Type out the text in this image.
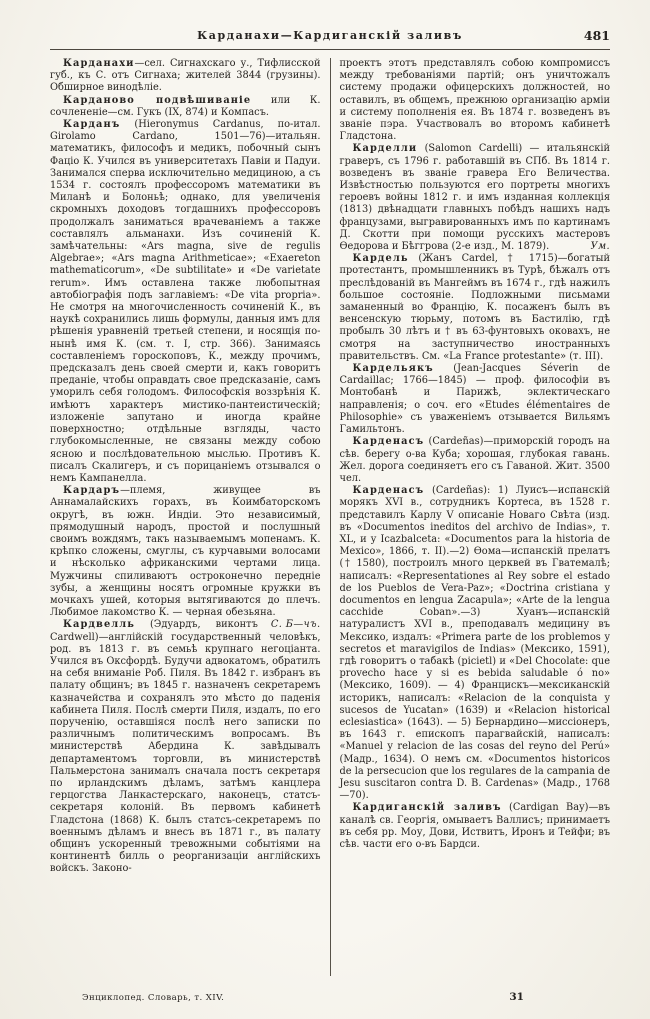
Карданахи—Кардиганскій заливъ	481

Карданахи—сел. Сигнахскаго у., Тифлисской губ., къ С. отъ Сигнаха; жителей 3844 (грузины). Обширное винодѣліе.

Карданово подвѣшиваніе или К. сочлененіе—см. Гукъ (IX, 874) и Компасъ.

Карданъ (Hieronymus Cardanus, по-итал. Girolamo Cardano, 1501—76)—итальян. математикъ, философъ и медикъ, побочный сынъ Фаціо К. Учился въ университетахъ Павіи и Падуи. Занимался сперва исключительно медициною, а съ 1534 г. состоялъ профессоромъ математики въ Миланѣ и Болоньѣ; однако, для увеличенія скромныхъ доходовъ тогдашнихъ профессоровъ продолжалъ заниматься врачеваніемъ а также составлялъ альманахи. Изъ сочиненій К. замѣчательны: «Ars magna, sive de regulis Algebrae»; «Ars magna Arithmeticae»; «Exaereton mathematicorum», «De subtilitate» и «De varietate rerum». Имъ оставлена также любопытная автобіографія подъ заглавіемъ: «De vita propria». Не смотря на многочисленность сочиненій К., въ наукѣ сохранились лишь формулы, данныя имъ для рѣшенія уравненій третьей степени, и носящія по-нынѣ имя К. (см. т. I, стр. 366). Занимаясь составленіемъ гороскоповъ, К., между прочимъ, предсказалъ день своей смерти и, какъ говоритъ преданіе, чтобы оправдать свое предсказаніе, самъ уморилъ себя голодомъ. Философскія воззрѣнія К. имѣютъ характеръ мистико-пантеистическій; изложеніе запутано и иногда крайне поверхностно; отдѣльные взгляды, часто глубокомысленные, не связаны между собою ясною и послѣдовательною мыслью. Противъ К. писалъ Скалигеръ, и съ порицаніемъ отзывался о немъ Кампанелла.

Кардаръ—племя, живущее въ Аннамалайскихъ горахъ, въ Коимбаторскомъ округѣ, въ южн. Индіи. Это независимый, прямодушный народъ, простой и послушный своимъ вождямъ, такъ называемымъ мопенамъ. К. крѣпко сложены, смуглы, съ курчавыми волосами и нѣсколько африканскими чертами лица. Мужчины спиливаютъ остроконечно передніе зубы, а женщины носятъ огромные кружки въ мочкахъ ушей, которыя вытягиваются до плечъ. Любимое лакомство К. — черная обезьяна.
С. Б—чъ.

Кардвелль (Эдуардъ, виконтъ Cardwell)—англійскій государственный человѣкъ, род. въ 1813 г. въ семьѣ крупнаго негоціанта. Учился въ Оксфордѣ. Будучи адвокатомъ, обратилъ на себя вниманіе Роб. Пиля. Въ 1842 г. избранъ въ палату общинъ; въ 1845 г. назначенъ секретаремъ казначейства и сохранялъ это мѣсто до паденія кабинета Пиля. Послѣ смерти Пиля, издалъ, по его порученію, оставшіяся послѣ него записки по различнымъ политическимъ вопросамъ. Въ министерствѣ Абердина К. завѣдывалъ департаментомъ торговли, въ министерствѣ Пальмерстона занималъ сначала постъ секретаря по ирландскимъ дѣламъ, затѣмъ канцлера герцогства Ланкастерскаго, наконецъ, статсъ-секретаря колоній. Въ первомъ кабинетѣ Гладстона (1868) К. былъ статсъ-секретаремъ по военнымъ дѣламъ и внесъ въ 1871 г., въ палату общинъ ускоренный тревожными событіями на континентѣ билль о реорганизаціи англійскихъ войскъ. Законо-

проектъ этотъ представлялъ собою компромиссъ между требованіями партій; онъ уничтожалъ систему продажи офицерскихъ должностей, но оставилъ, въ общемъ, прежнюю организацію арміи и систему пополненія ея. Въ 1874 г. возведенъ въ званіе пэра. Участвовалъ во второмъ кабинетѣ Гладстона.

Карделли (Salomon Cardelli) — итальянскій граверъ, съ 1796 г. работавшій въ СПб. Въ 1814 г. возведенъ въ званіе гравера Его Величества. Извѣстностью пользуются его портреты многихъ героевъ войны 1812 г. и имъ изданная коллекція (1813) двѣнадцати главныхъ побѣдъ нашихъ надъ французами, выгравированныхъ имъ по картинамъ Д. Скотти при помощи русскихъ мастеровъ Ѳедорова и Бѣггрова (2-е изд., М. 1879).	Ум.

Кардель (Жанъ Cardel, † 1715)—богатый протестантъ, промышленникъ въ Турѣ, бѣжалъ отъ преслѣдованій въ Мангеймъ въ 1674 г., гдѣ нажилъ большое состояніе. Подложными письмами заманенный во Францію, К. посаженъ былъ въ венсенскую тюрьму, потомъ въ Бастилію, гдѣ пробылъ 30 лѣтъ и † въ 63-фунтовыхъ оковахъ, не смотря на заступничество иностранныхъ правительствъ. См. «La France protestante» (т. III).

Кардельякъ (Jean-Jacques Séverin de Cardaillac; 1766—1845) — проф. философіи въ Монтобанѣ и Парижѣ, эклектическаго направленія; о соч. его «Etudes élémentaires de Philosophie» съ уваженіемъ отзывается Вильямъ Гамильтонъ.

Карденасъ (Cardeñas)—приморскій городъ на сѣв. берегу о-ва Куба; хорошая, глубокая гавань. Жел. дорога соединяетъ его съ Гаваной. Жит. 3500 чел.

Карденасъ (Cardeñas): 1) Луисъ—испанскій морякъ XVI в., сотрудникъ Кортеса, въ 1528 г. представилъ Карлу V описаніе Новаго Свѣта (изд. въ «Documentos ineditos del archivo de Indias», т. XL, и у Icazbalceta: «Documentos para la historia de Mexico», 1866, т. II).—2) Ѳома—испанскій прелатъ († 1580), построилъ много церквей въ Гватемалѣ; написалъ: «Representationes al Rey sobre el estado de los Pueblos de Vera-Paz»; «Doctrina cristiana y documentos en lengua Zacapula»; «Arte de la lengua cacchide Coban».—3) Хуанъ—испанскій натуралистъ XVI в., преподавалъ медицину въ Мексико, издалъ: «Primera parte de los problemos y secretos et maravigilos de Indias» (Мексико, 1591), гдѣ говоритъ о табакѣ (picietl) и «Del Chocolate: que provecho hace y si es bebida saludable ó no» (Мексико, 1609). — 4) Францискъ—мексиканскій историкъ, написалъ: «Relacion de la conquista y sucesos de Yucatan» (1639) и «Relacion historical eclesiastica» (1643). — 5) Бернардино—миссіонеръ, въ 1643 г. епископъ парагвайскій, написалъ: «Manuel y relacion de las cosas del reyno del Perú» (Мадр., 1634). О немъ см. «Documentos historicos de la persecucion que los regulares de la campania de Jesu suscitaron contra D. B. Cardenas» (Мадр., 1768—70).

Кардиганскій заливъ (Cardigan Bay)—въ каналѣ св. Георгія, омываетъ Валлисъ; принимаетъ въ себя рр. Моу, Дови, Иствитъ, Иронъ и Тейфи; въ сѣв. части его о-въ Бардси.

Энциклопед. Словарь, т. XIV.	31
